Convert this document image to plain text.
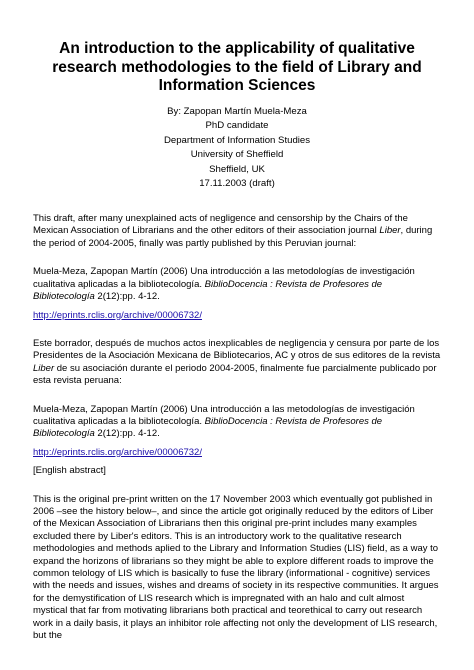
An introduction to the applicability of qualitative research methodologies to the field of Library and Information Sciences
By: Zapopan Martín Muela-Meza
PhD candidate
Department of Information Studies
University of Sheffield
Sheffield, UK
17.11.2003 (draft)

This draft, after many unexplained acts of negligence and censorship by the Chairs of the Mexican Association of Librarians and the other editors of their association journal Liber, during the period of 2004-2005, finally was partly published by this Peruvian journal:

Muela-Meza, Zapopan Martín (2006) Una introducción a las metodologías de investigación cualitativa aplicadas a la bibliotecología. BiblioDocencia : Revista de Profesores de Bibliotecología 2(12):pp. 4-12.

http://eprints.rclis.org/archive/00006732/

Este borrador, después de muchos actos inexplicables de negligencia y censura por parte de los Presidentes de la Asociación Mexicana de Bibliotecarios, AC y otros de sus editores de la revista Liber de su asociación durante el periodo 2004-2005, finalmente fue parcialmente publicado por esta revista peruana:

Muela-Meza, Zapopan Martín (2006) Una introducción a las metodologías de investigación cualitativa aplicadas a la bibliotecología. BiblioDocencia : Revista de Profesores de Bibliotecología 2(12):pp. 4-12.

http://eprints.rclis.org/archive/00006732/

[English abstract]

This is the original pre-print written on the 17 November 2003 which eventually got published in 2006 –see the history below–, and since the article got originally reduced by the editors of Liber of the Mexican Association of Librarians then this original pre-print includes many examples excluded there by Liber's editors. This is an introductory work to the qualitative research methodologies and methods aplied to the Library and Information Studies (LIS) field, as a way to expand the horizons of librarians so they might be able to explore different roads to improve the common telology of LIS which is basically to fuse the library (informational - cognitive) services with the needs and issues, wishes and dreams of society in its respective communities. It argues for the demystification of LIS research which is impregnated with an halo and cult almost mystical that far from motivating librarians both practical and teorethical to carry out research work in a daily basis, it plays an inhibitor role affecting not only the development of LIS research, but the
